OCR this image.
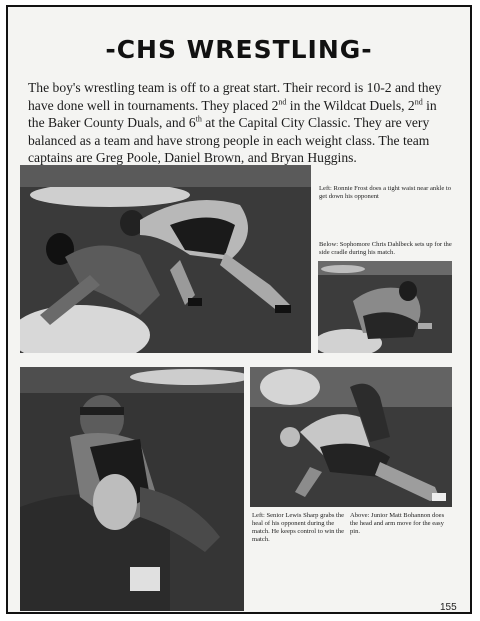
-CHS WRESTLING-
The boy's wrestling team is off to a great start. Their record is 10-2 and they have done well in tournaments. They placed 2nd in the Wildcat Duels, 2nd in the Baker County Duals, and 6th at the Capital City Classic. They are very balanced as a team and have strong people in each weight class. The team captains are Greg Poole, Daniel Brown, and Bryan Huggins.
Left: Ronnie Frost does a tight waist near ankle to get down his opponent
Below: Sophomore Chris Dahlbeck sets up for the side cradle during his match.
Left: Senior Lewis Sharp grabs the heal of his opponent during the match. He keeps control to win the match.
Above: Junior Matt Bohannon does the head and arm move for the easy pin.
155
